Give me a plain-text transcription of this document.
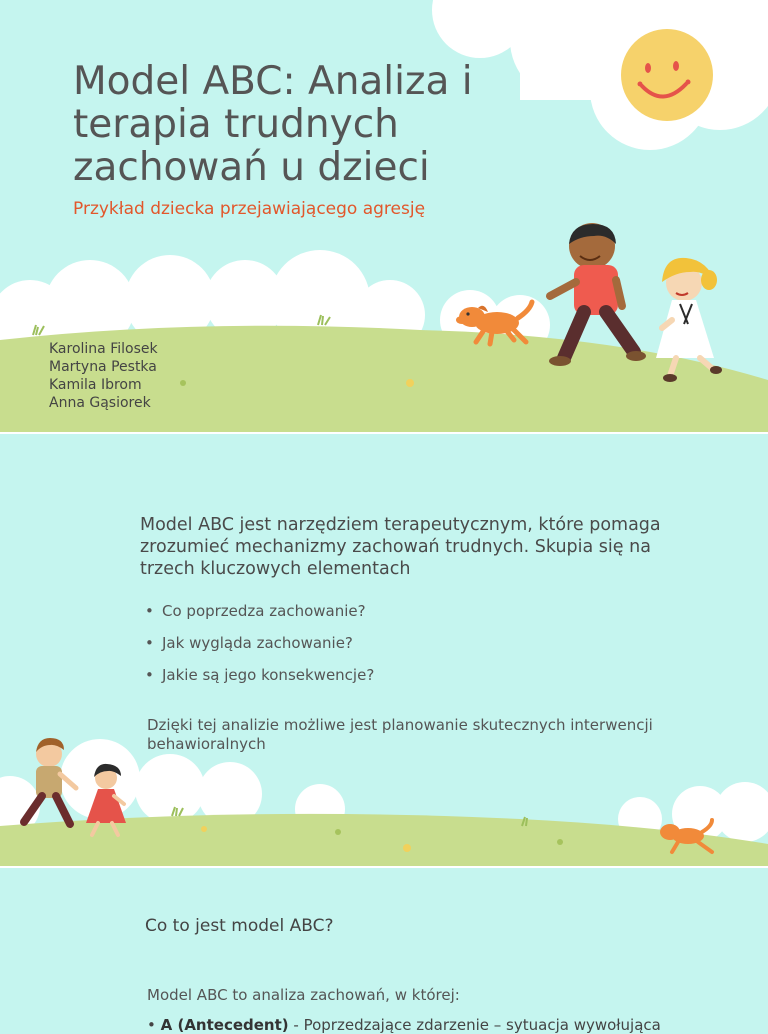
Model ABC: Analiza i terapia trudnych zachowań u dzieci

Przykład dziecka przejawiającego agresję

Karolina Filosek
Martyna Pestka
Kamila Ibrom
Anna Gąsiorek

Model ABC jest narzędziem terapeutycznym, które pomaga zrozumieć mechanizmy zachowań trudnych. Skupia się na trzech kluczowych elementach

• Co poprzedza zachowanie?
• Jak wygląda zachowanie?
• Jakie są jego konsekwencje?

Dzięki tej analizie możliwe jest planowanie skutecznych interwencji behawioralnych

Co to jest model ABC?

Model ABC to analiza zachowań, w której:

• A (Antecedent) - Poprzedzające zdarzenie – sytuacja wywołująca
